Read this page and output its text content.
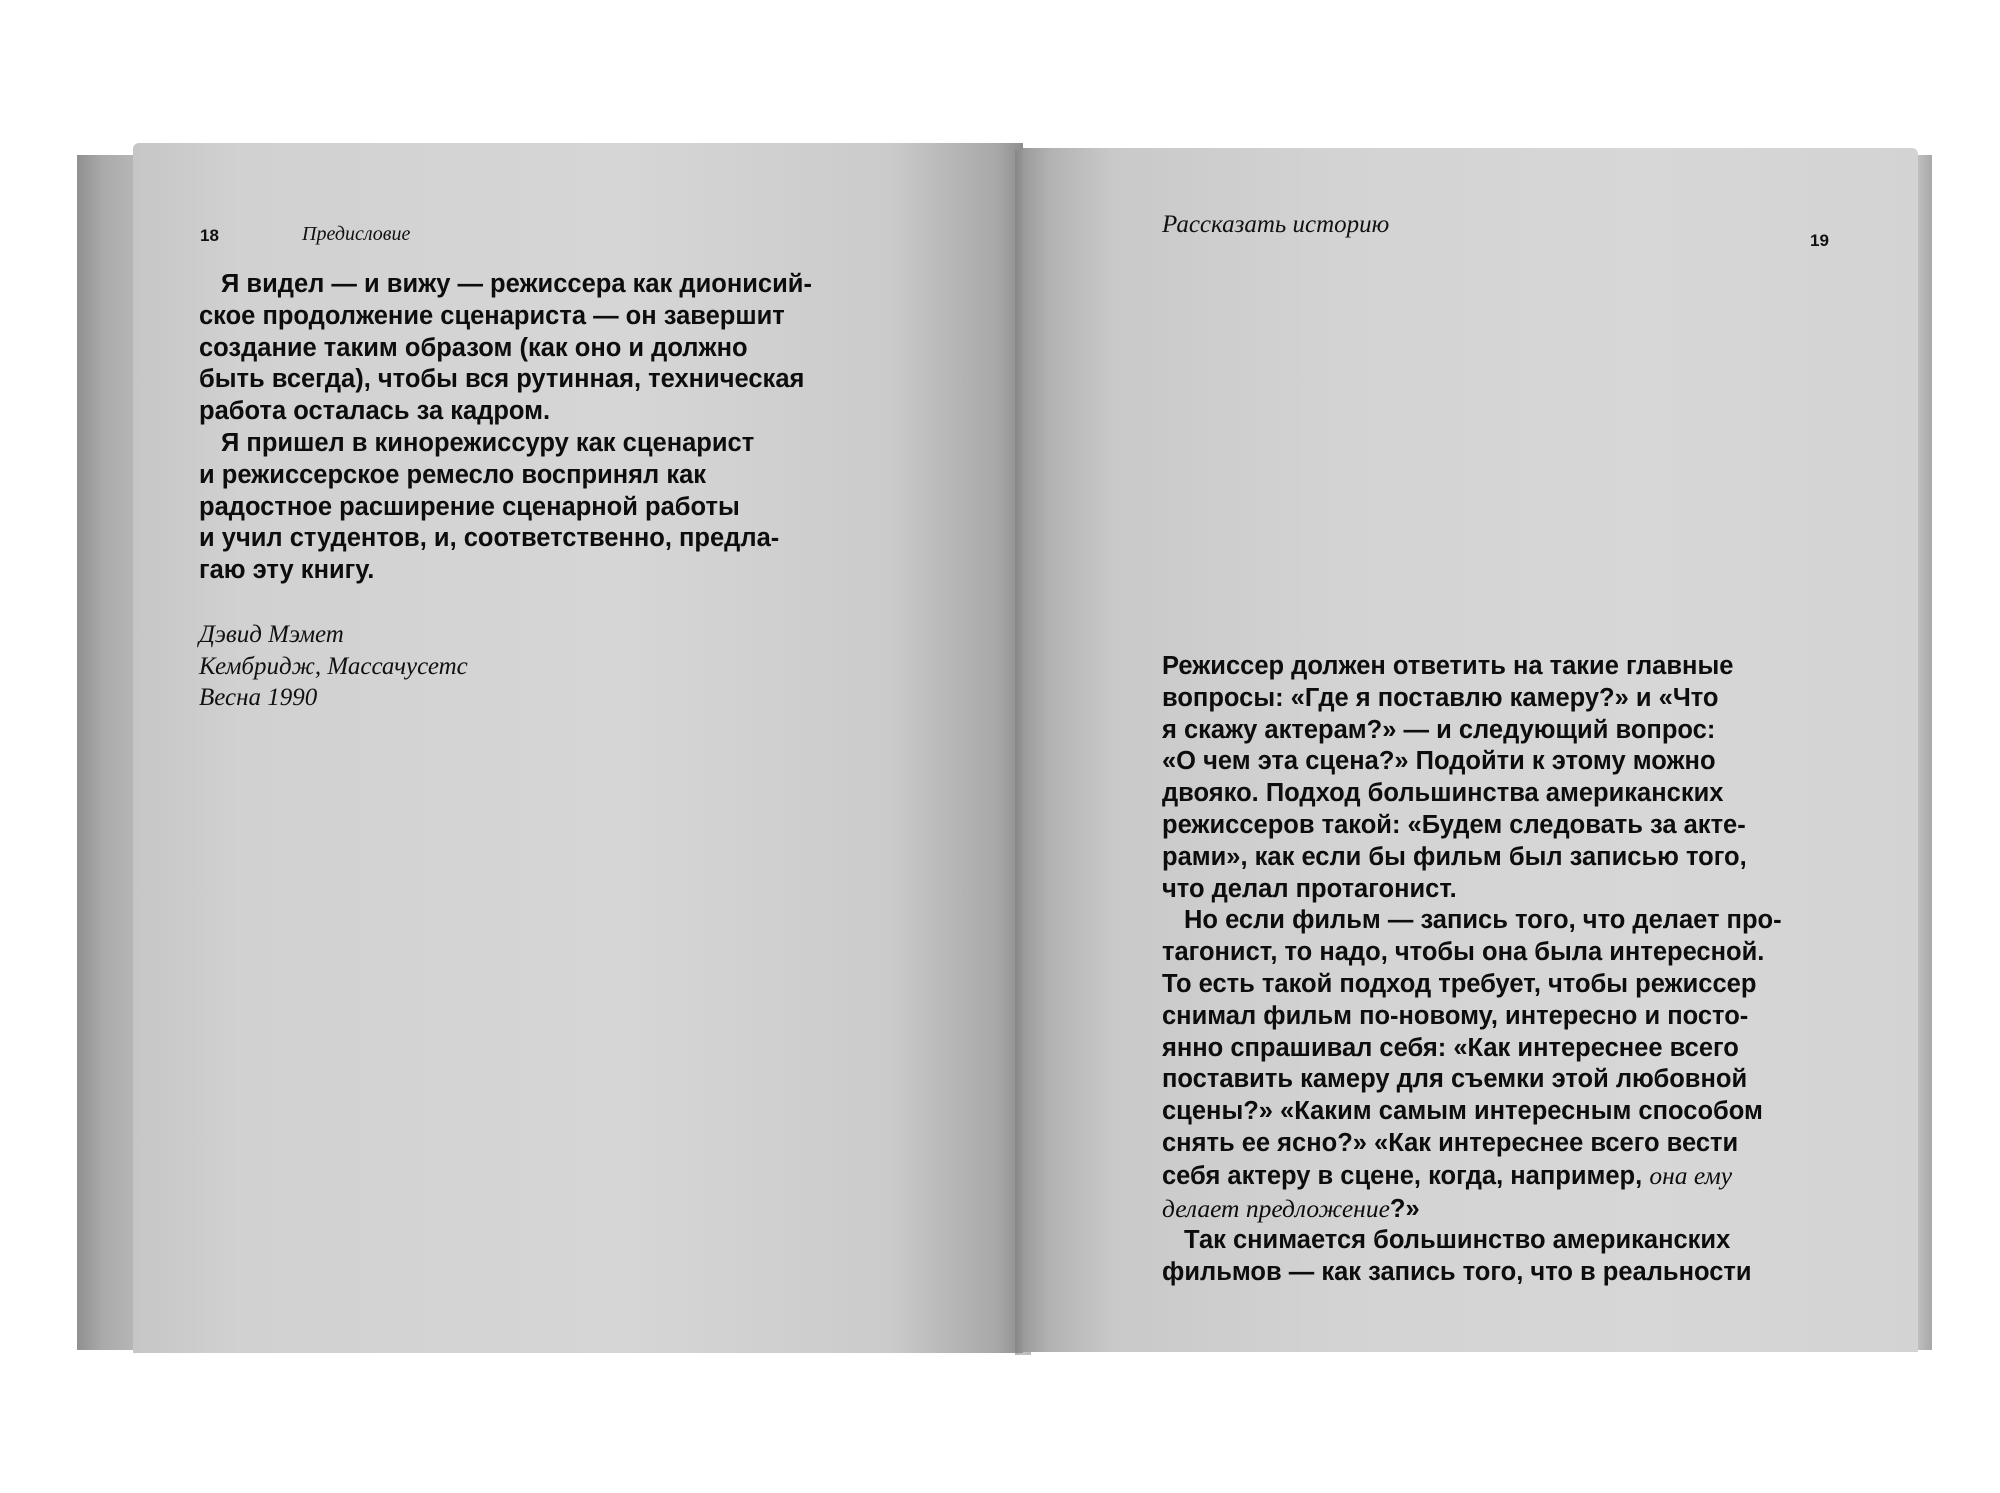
18	Предисловие

Я видел — и вижу — режиссера как дионисий-

ское продолжение сценариста — он завершит

создание таким образом (как оно и должно

быть всегда), чтобы вся рутинная, техническая

работа осталась за кадром.

Я пришел в кинорежиссуру как сценарист

и режиссерское ремесло воспринял как

радостное расширение сценарной работы

и учил студентов, и, соответственно, предла-

гаю эту книгу.

Дэвид Мэмет
Кембридж, Массачусетс
Весна 1990
Рассказать историю
19

Режиссер должен ответить на такие главные

вопросы: «Где я поставлю камеру?» и «Что

я скажу актерам?» — и следующий вопрос:

«О чем эта сцена?» Подойти к этому можно

двояко. Подход большинства американских

режиссеров такой: «Будем следовать за акте-

рами», как если бы фильм был записью того,

что делал протагонист.

Но если фильм — запись того, что делает про-

тагонист, то надо, чтобы она была интересной.

То есть такой подход требует, чтобы режиссер

снимал фильм по-новому, интересно и посто-

янно спрашивал себя: «Как интереснее всего

поставить камеру для съемки этой любовной

сцены?» «Каким самым интересным способом

снять ее ясно?» «Как интереснее всего вести

себя актеру в сцене, когда, например, она ему

делает предложение?»

Так снимается большинство американских

фильмов — как запись того, что в реальности
